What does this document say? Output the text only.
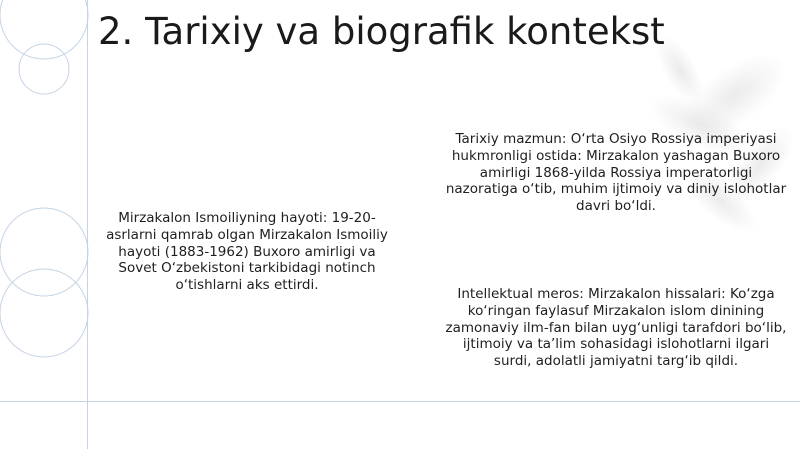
2. Tarixiy va biografik kontekst

Mirzakalon Ismoiliyning hayoti: 19-20-asrlarni qamrab olgan Mirzakalon Ismoiliy hayoti (1883-1962) Buxoro amirligi va Sovet O‘zbekistoni tarkibidagi notinch o‘tishlarni aks ettirdi.

Tarixiy mazmun: O‘rta Osiyo Rossiya imperiyasi hukmronligi ostida: Mirzakalon yashagan Buxoro amirligi 1868-yilda Rossiya imperatorligi nazoratiga o‘tib, muhim ijtimoiy va diniy islohotlar davri bo‘ldi.

Intellektual meros: Mirzakalon hissalari: Ko‘zga ko‘ringan faylasuf Mirzakalon islom dinining zamonaviy ilm-fan bilan uyg‘unligi tarafdori bo‘lib, ijtimoiy va ta’lim sohasidagi islohotlarni ilgari surdi, adolatli jamiyatni targ‘ib qildi.
